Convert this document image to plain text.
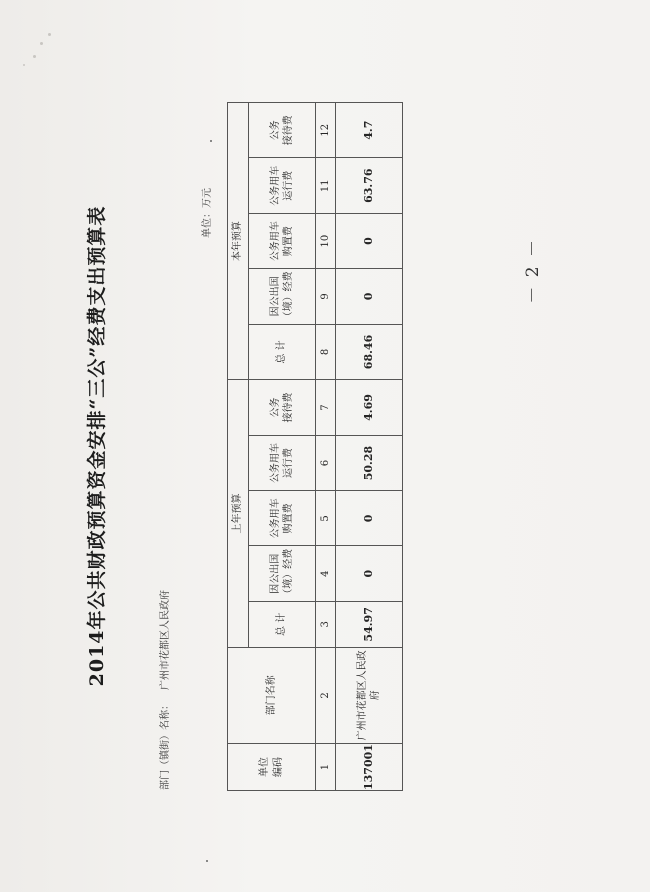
2014年公共财政预算资金安排“三公”经费支出预算表
部门（镇街）名称：广州市花都区人民政府
单位：万元
单位 编码	部门名称	上年预算					本年预算				
		总 计	因公出国 （境）经费	公务用车 购置费	公务用车 运行费	公务 接待费	总 计	因公出国 （境）经费	公务用车 购置费	公务用车 运行费	公务 接待费

1	2	3	4	5	6	7	8	9	10	11	12
137001	广州市花都区人民政府	54.97	0	0	50.28	4.69	68.46	0	0	63.76	4.7
－ 2 －
